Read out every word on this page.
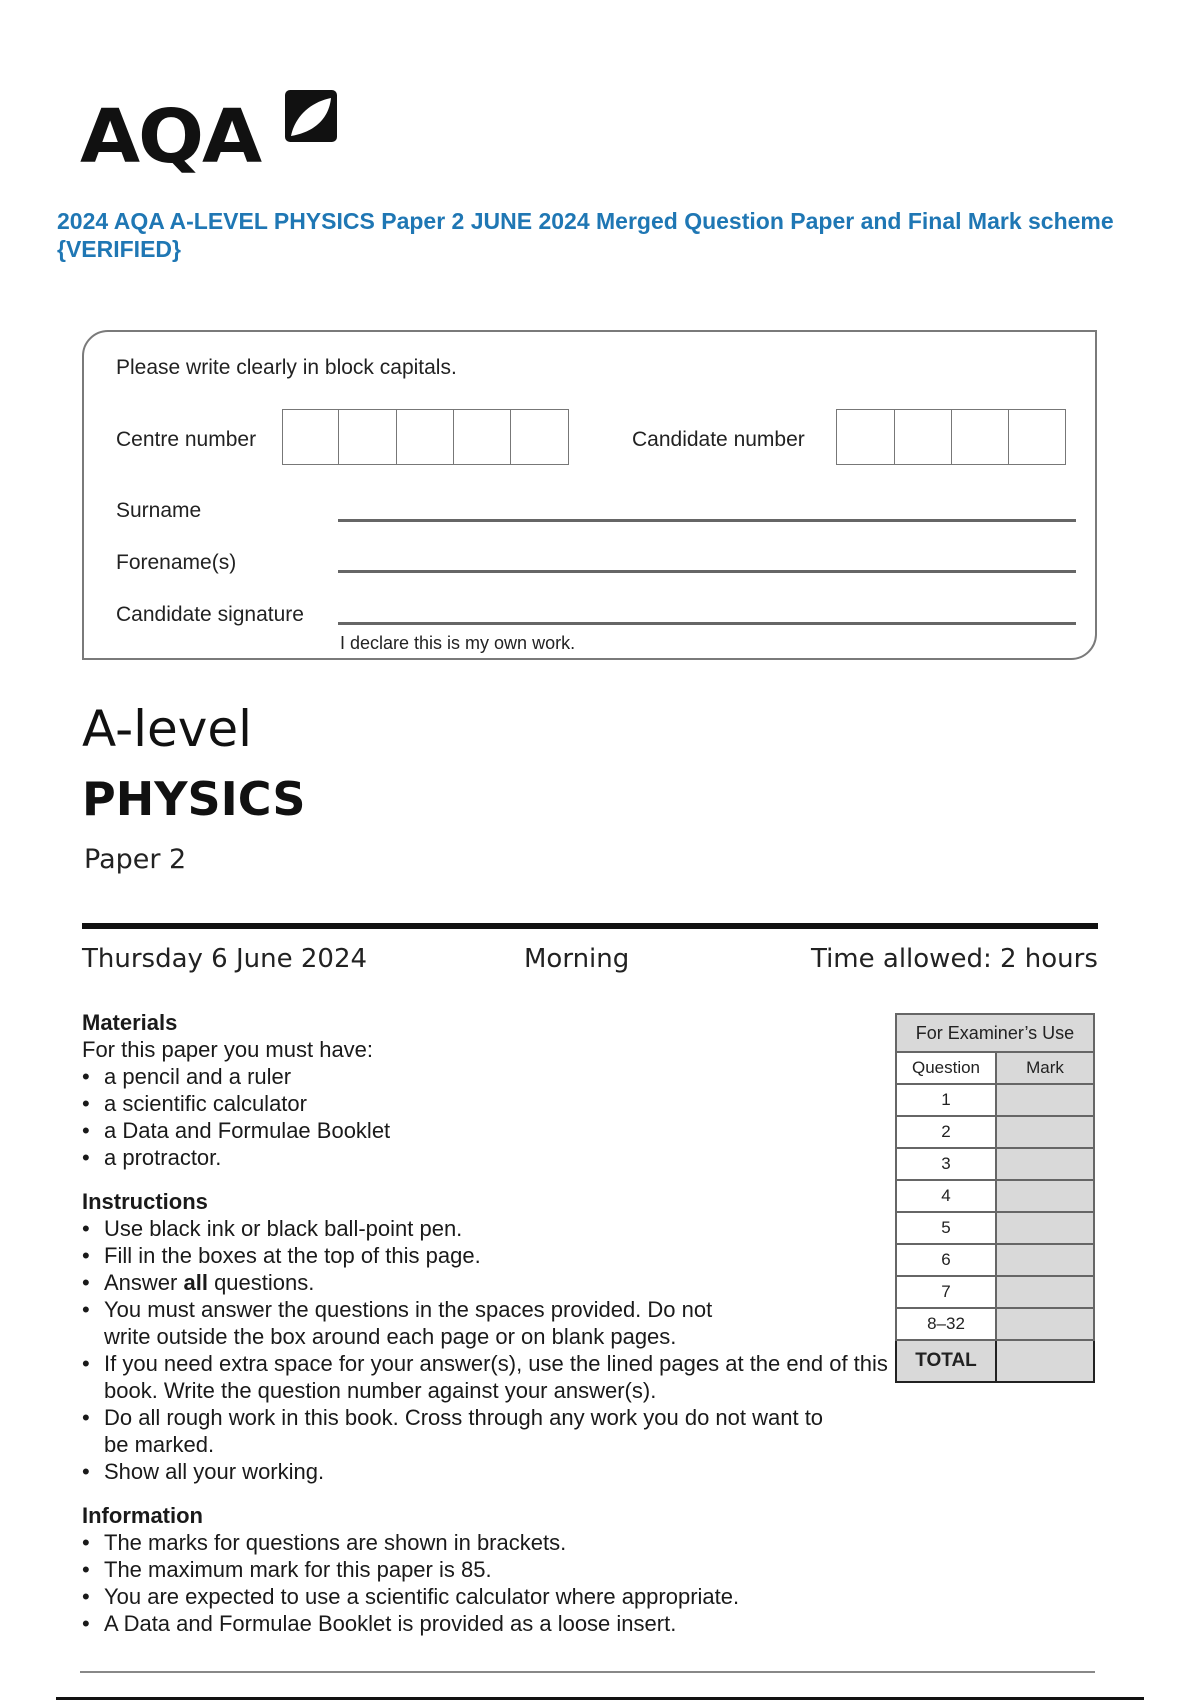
AQA
2024 AQA A-LEVEL PHYSICS Paper 2 JUNE 2024 Merged Question Paper and Final Mark scheme {VERIFIED}
Please write clearly in block capitals.
Centre number	Candidate number
Surname
Forename(s)
Candidate signature
I declare this is my own work.
A-level
PHYSICS
Paper 2
Thursday 6 June 2024	Morning	Time allowed: 2 hours
Materials
For this paper you must have:
• a pencil and a ruler
• a scientific calculator
• a Data and Formulae Booklet
• a protractor.
Instructions
• Use black ink or black ball-point pen.
• Fill in the boxes at the top of this page.
• Answer all questions.
• You must answer the questions in the spaces provided. Do not write outside the box around each page or on blank pages.
• If you need extra space for your answer(s), use the lined pages at the end of this book. Write the question number against your answer(s).
• Do all rough work in this book. Cross through any work you do not want to be marked.
• Show all your working.
Information
• The marks for questions are shown in brackets.
• The maximum mark for this paper is 85.
• You are expected to use a scientific calculator where appropriate.
• A Data and Formulae Booklet is provided as a loose insert.
For Examiner’s Use	
Question	Mark
1	
2	
3	
4	
5	
6	
7	
8–32	
TOTAL	
